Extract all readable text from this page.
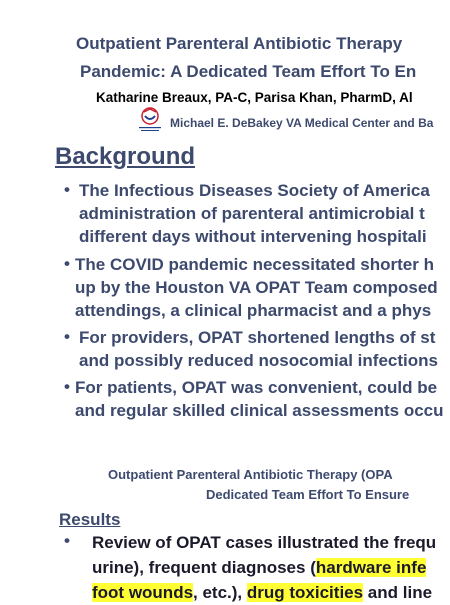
Outpatient Parenteral Antibiotic Therapy
Pandemic: A Dedicated Team Effort To En
Katharine Breaux, PA-C, Parisa Khan, PharmD, Al
Michael E. DeBakey VA Medical Center and Ba
Background
• The Infectious Diseases Society of America
administration of parenteral antimicrobial t
different days without intervening hospitali
• The COVID pandemic necessitated shorter h
up by the Houston VA OPAT Team composed
attendings, a clinical pharmacist and a phys
• For providers, OPAT shortened lengths of st
and possibly reduced nosocomial infections
• For patients, OPAT was convenient, could be
and regular skilled clinical assessments occu
Outpatient Parenteral Antibiotic Therapy (OPA
Dedicated Team Effort To Ensure
Results
• Review of OPAT cases illustrated the frequ
urine), frequent diagnoses (hardware infe
foot wounds, etc.), drug toxicities and line
